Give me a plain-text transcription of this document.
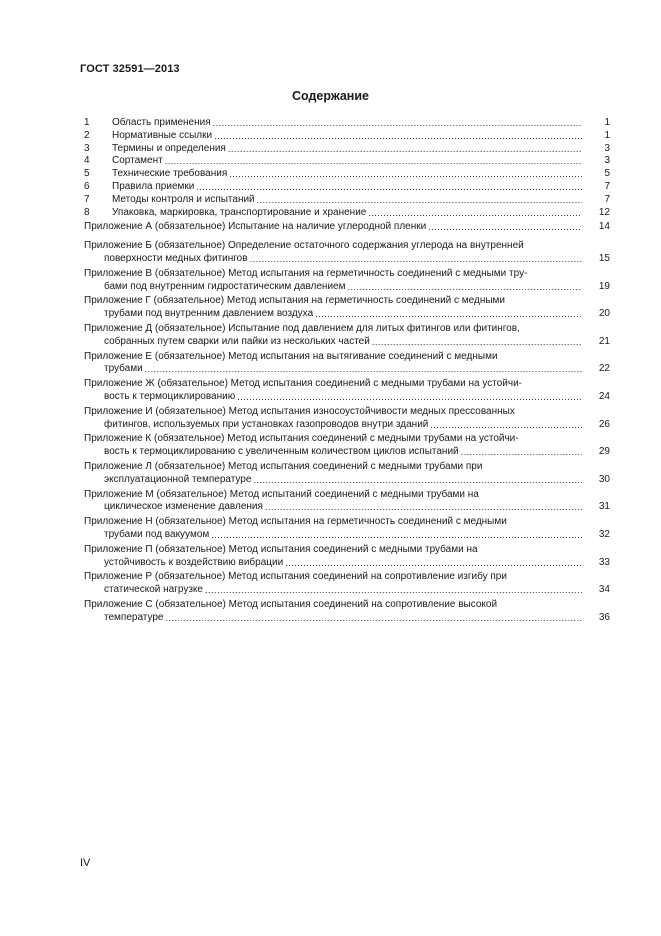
ГОСТ 32591—2013
Содержание
1	Область применения .....	1
2	Нормативные ссылки .....	1
3	Термины и определения .....	3
4	Сортамент .....	3
5	Технические требования .....	5
6	Правила приемки .....	7
7	Методы контроля и испытаний .....	7
8	Упаковка, маркировка, транспортирование и хранение .....	12
Приложение А (обязательное) Испытание на наличие углеродной пленки .....	14
Приложение Б (обязательное) Определение остаточного содержания углерода на внутренней
поверхности медных фитингов .....	15
Приложение В (обязательное) Метод испытания на герметичность соединений с медными тру-
бами под внутренним гидростатическим давлением .....	19
Приложение Г (обязательное) Метод испытания на герметичность соединений с медными
трубами под внутренним давлением воздуха .....	20
Приложение Д (обязательное) Испытание под давлением для литых фитингов или фитингов,
собранных путем сварки или пайки из нескольких частей .....	21
Приложение Е (обязательное) Метод испытания на вытягивание соединений с медными
трубами .....	22
Приложение Ж (обязательное) Метод испытания соединений с медными трубами на устойчи-
вость к термоциклированию .....	24
Приложение И (обязательное) Метод испытания износоустойчивости медных прессованных
фитингов, используемых при установках газопроводов внутри зданий .....	26
Приложение К (обязательное) Метод испытания соединений с медными трубами на устойчи-
вость к термоциклированию с увеличенным количеством циклов испытаний .....	29
Приложение Л (обязательное) Метод испытания соединений с медными трубами при
эксплуатационной температуре .....	30
Приложение М (обязательное) Метод испытаний соединений с медными трубами на
циклическое изменение давления .....	31
Приложение Н (обязательное) Метод испытания на герметичность соединений с медными
трубами под вакуумом .....	32
Приложение П (обязательное) Метод испытания соединений с медными трубами на
устойчивость к воздействию вибрации .....	33
Приложение Р (обязательное) Метод испытания соединений на сопротивление изгибу при
статической нагрузке .....	34
Приложение С (обязательное) Метод испытания соединений на сопротивление высокой
температуре .....	36
IV
